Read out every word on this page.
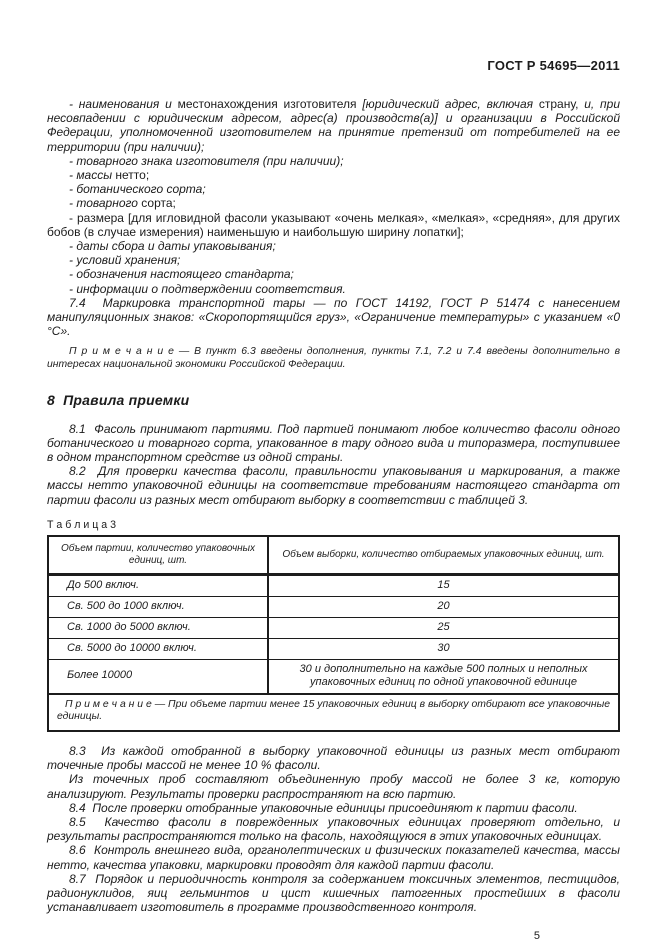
ГОСТ Р 54695—2011

- наименования и местонахождения изготовителя [юридический адрес, включая страну, и, при несовпадении с юридическим адресом, адрес(а) производств(а)] и организации в Российской Федерации, уполномоченной изготовителем на принятие претензий от потребителей на ее территории (при наличии);

- товарного знака изготовителя (при наличии);

- массы нетто;

- ботанического сорта;

- товарного сорта;

- размера [для игловидной фасоли указывают «очень мелкая», «мелкая», «средняя», для других бобов (в случае измерения) наименьшую и наибольшую ширину лопатки];

- даты сбора и даты упаковывания;

- условий хранения;

- обозначения настоящего стандарта;

- информации о подтверждении соответствия.

7.4  Маркировка транспортной тары — по ГОСТ 14192, ГОСТ Р 51474 с нанесением манипуляционных знаков: «Скоропортящийся груз», «Ограничение температуры» с указанием «0 °С».

П р и м е ч а н и е — В пункт 6.3 введены дополнения, пункты 7.1, 7.2 и 7.4 введены дополнительно в интересах национальной экономики Российской Федерации.

8  Правила приемки

8.1  Фасоль принимают партиями. Под партией понимают любое количество фасоли одного ботанического и товарного сорта, упакованное в тару одного вида и типоразмера, поступившее в одном транспортном средстве из одной страны.

8.2  Для проверки качества фасоли, правильности упаковывания и маркирования, а также массы нетто упаковочной единицы на соответствие требованиям настоящего стандарта от партии фасоли из разных мест отбирают выборку в соответствии с таблицей 3.

Т а б л и ц а 3
Объем партии, количество упаковочных единиц, шт.	Объем выборки, количество отбираемых упаковочных единиц, шт.
До 500 включ.	15
Св. 500 до 1000 включ.	20
Св. 1000 до 5000 включ.	25
Св. 5000 до 10000 включ.	30
Более 10000	30 и дополнительно на каждые 500 полных и неполных упаковочных единиц по одной упаковочной единице
П р и м е ч а н и е — При объеме партии менее 15 упаковочных единиц в выборку отбирают все упаковочные единицы.	

8.3  Из каждой отобранной в выборку упаковочной единицы из разных мест отбирают точечные пробы массой не менее 10 % фасоли.

Из точечных проб составляют объединенную пробу массой не более 3 кг, которую анализируют. Результаты проверки распространяют на всю партию.

8.4  После проверки отобранные упаковочные единицы присоединяют к партии фасоли.

8.5  Качество фасоли в поврежденных упаковочных единицах проверяют отдельно, и результаты распространяются только на фасоль, находящуюся в этих упаковочных единицах.

8.6  Контроль внешнего вида, органолептических и физических показателей качества, массы нетто, качества упаковки, маркировки проводят для каждой партии фасоли.

8.7  Порядок и периодичность контроля за содержанием токсичных элементов, пестицидов, радионуклидов, яиц гельминтов и цист кишечных патогенных простейших в фасоли устанавливает изготовитель в программе производственного контроля.

5
